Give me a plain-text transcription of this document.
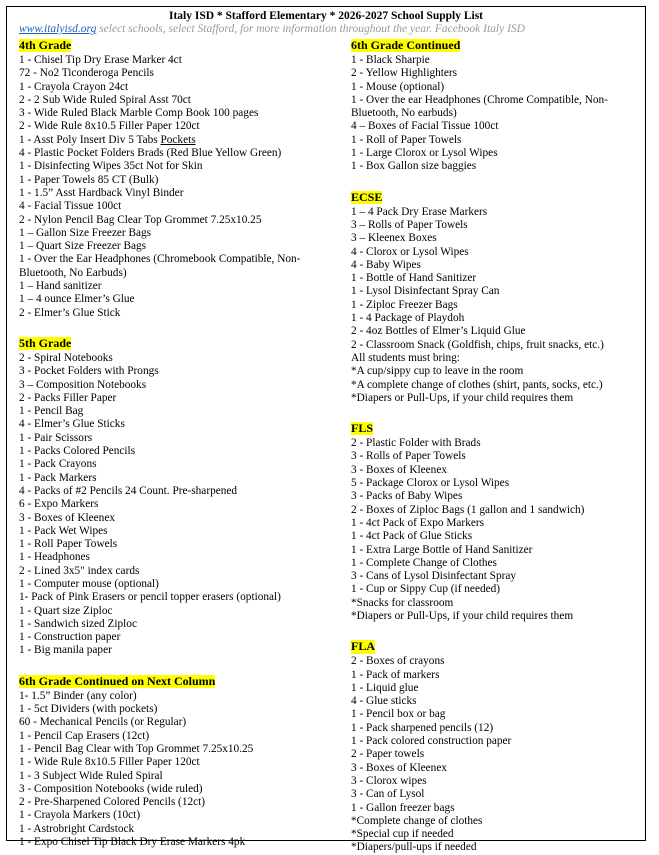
Italy ISD * Stafford Elementary * 2026-2027 School Supply List
www.italyisd.org select schools, select Stafford, for more information throughout the year. Facebook Italy ISD
4th Grade
1 - Chisel Tip Dry Erase Marker 4ct
72 - No2 Ticonderoga Pencils
1 - Crayola Crayon 24ct
2 - 2 Sub Wide Ruled Spiral Asst 70ct
3 - Wide Ruled Black Marble Comp Book 100 pages
2 - Wide Rule 8x10.5 Filler Paper 120ct
1 - Asst Poly Insert Div 5 Tabs Pockets
4 - Plastic Pocket Folders Brads (Red Blue Yellow Green)
1 - Disinfecting Wipes 35ct Not for Skin
1 - Paper Towels 85 CT (Bulk)
1 - 1.5” Asst Hardback Vinyl Binder
4 - Facial Tissue 100ct
2 - Nylon Pencil Bag Clear Top Grommet 7.25x10.25
1 – Gallon Size Freezer Bags
1 – Quart Size Freezer Bags
1 - Over the Ear Headphones (Chromebook Compatible, Non-Bluetooth, No Earbuds)
1 – Hand sanitizer
1 – 4 ounce Elmer’s Glue
2 - Elmer’s Glue Stick
5th Grade
2 - Spiral Notebooks
3 - Pocket Folders with Prongs
3 – Composition Notebooks
2 - Packs Filler Paper
1 - Pencil Bag
4 - Elmer’s Glue Sticks
1 - Pair Scissors
1 - Packs Colored Pencils
1 - Pack Crayons
1 - Pack Markers
4 - Packs of #2 Pencils 24 Count. Pre-sharpened
6 - Expo Markers
3 - Boxes of Kleenex
1 - Pack Wet Wipes
1 - Roll Paper Towels
1 - Headphones
2 - Lined 3x5" index cards
1 - Computer mouse (optional)
1- Pack of Pink Erasers or pencil topper erasers (optional)
1 - Quart size Ziploc
1 - Sandwich sized Ziploc
1 - Construction paper
1 - Big manila paper
6th Grade Continued on Next Column
1- 1.5” Binder (any color)
1 - 5ct Dividers (with pockets)
60 - Mechanical Pencils (or Regular)
1 - Pencil Cap Erasers (12ct)
1 - Pencil Bag Clear with Top Grommet 7.25x10.25
1 - Wide Rule 8x10.5 Filler Paper 120ct
1 - 3 Subject Wide Ruled Spiral
3 - Composition Notebooks (wide ruled)
2 - Pre-Sharpened Colored Pencils (12ct)
1 - Crayola Markers (10ct)
1 - Astrobright Cardstock
1 - Expo Chisel Tip Black Dry Erase Markers 4pk
6th Grade Continued
1 - Black Sharpie
2 - Yellow Highlighters
1 - Mouse (optional)
1 - Over the ear Headphones (Chrome Compatible, Non-Bluetooth, No earbuds)
4 – Boxes of Facial Tissue 100ct
1 - Roll of Paper Towels
1 - Large Clorox or Lysol Wipes
1 - Box Gallon size baggies
ECSE
1 – 4 Pack Dry Erase Markers
3 – Rolls of Paper Towels
3 – Kleenex Boxes
4 - Clorox or Lysol Wipes
4 - Baby Wipes
1 - Bottle of Hand Sanitizer
1 - Lysol Disinfectant Spray Can
1 - Ziploc Freezer Bags
1 - 4 Package of Playdoh
2 - 4oz Bottles of Elmer’s Liquid Glue
2 - Classroom Snack (Goldfish, chips, fruit snacks, etc.)
All students must bring:
*A cup/sippy cup to leave in the room
*A complete change of clothes (shirt, pants, socks, etc.)
*Diapers or Pull-Ups, if your child requires them
FLS
2 - Plastic Folder with Brads
3 - Rolls of Paper Towels
3 - Boxes of Kleenex
5 - Package Clorox or Lysol Wipes
3 - Packs of Baby Wipes
2 - Boxes of Ziploc Bags (1 gallon and 1 sandwich)
1 - 4ct Pack of Expo Markers
1 - 4ct Pack of Glue Sticks
1 - Extra Large Bottle of Hand Sanitizer
1 - Complete Change of Clothes
3 - Cans of Lysol Disinfectant Spray
1 - Cup or Sippy Cup (if needed)
*Snacks for classroom
*Diapers or Pull-Ups, if your child requires them
FLA
2 - Boxes of crayons
1 - Pack of markers
1 - Liquid glue
4 - Glue sticks
1 - Pencil box or bag
1 - Pack sharpened pencils (12)
1 - Pack colored construction paper
2 - Paper towels
3 - Boxes of Kleenex
3 - Clorox wipes
3 - Can of Lysol
1 - Gallon freezer bags
*Complete change of clothes
*Special cup if needed
*Diapers/pull-ups if needed
